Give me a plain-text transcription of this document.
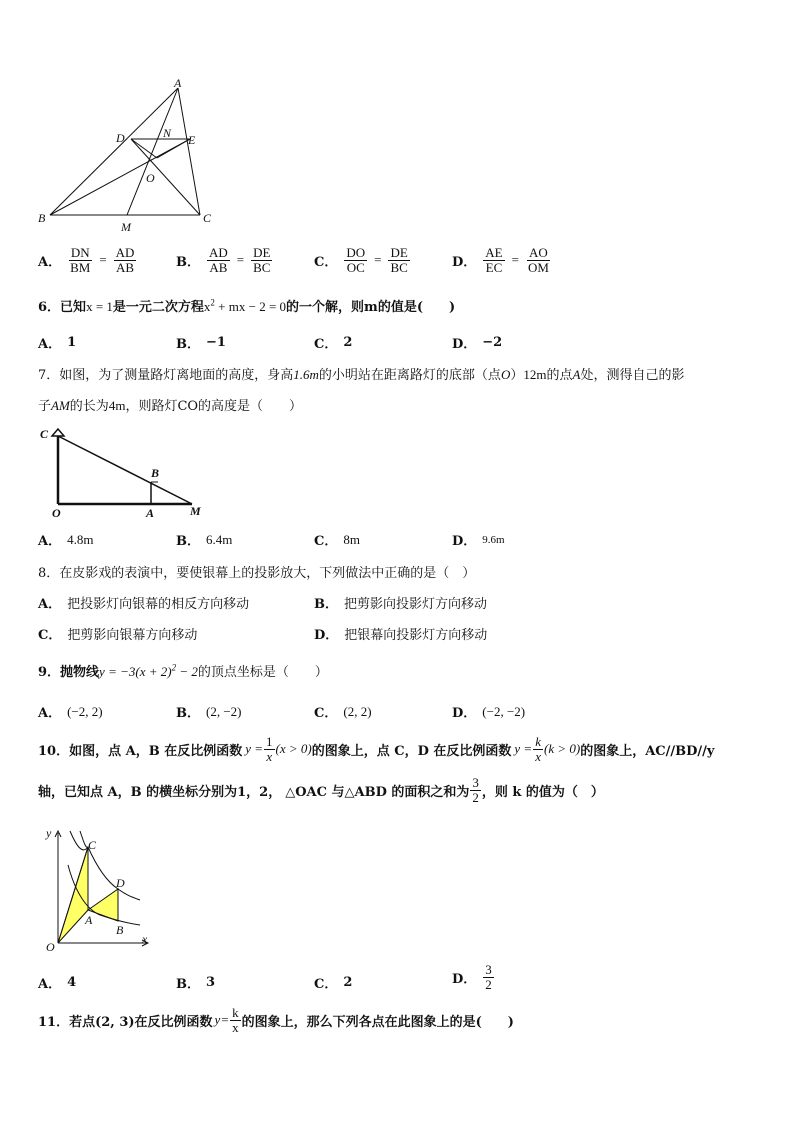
A
D	N E
O
B
M
C
A． $\frac{DN}{BM} = \frac{AD}{AB}$	B． $\frac{AD}{AB} = \frac{DE}{BC}$	C． $\frac{DO}{OC} = \frac{DE}{BC}$	D． $\frac{AE}{EC} = \frac{AO}{OM}$
6．已知x = 1是一元二次方程$x^2$ + mx − 2 = 0的一个解，则m的值是(　　)
A． 1	B． −1	C． 2	D． −2
7．如图，为了测量路灯离地面的高度，身高1.6m的小明站在距离路灯的底部（点O）12m的点A处，测得自己的影
子AM的长为4m，则路灯CO的高度是（　　）
C
B
O	A	M
A． 4.8m	B． 6.4m	C． 8m	D． 9.6m
8．在皮影戏的表演中，要使银幕上的投影放大，下列做法中正确的是（　）
A． 把投影灯向银幕的相反方向移动	B． 把剪影向投影灯方向移动
C． 把剪影向银幕方向移动	D． 把银幕向投影灯方向移动
9．抛物线$y = -3(x + 2)^2 - 2$的顶点坐标是（　　）
A． (−2, 2)	B． (2, −2)	C． (2, 2)	D． (−2, −2)
10．如图，点 A，B 在反比例函数 $y = \frac{1}{x} (x > 0)$ 的图象上，点 C，D 在反比例函数 $y = \frac{k}{x} (k > 0)$ 的图象上，AC//BD//y
轴，已知点 A，B 的横坐标分别为1，2， △OAC 与△ABD 的面积之和为 $\frac{3}{2}$ ，则 k 的值为（　）
y
C
D
A
B
O
x
A． 4	B． 3	C． 2	D． $\frac{3}{2}$
11．若点(2, 3)在反比例函数 $y= \frac{k}{x}$ 的图象上，那么下列各点在此图象上的是(　　)
